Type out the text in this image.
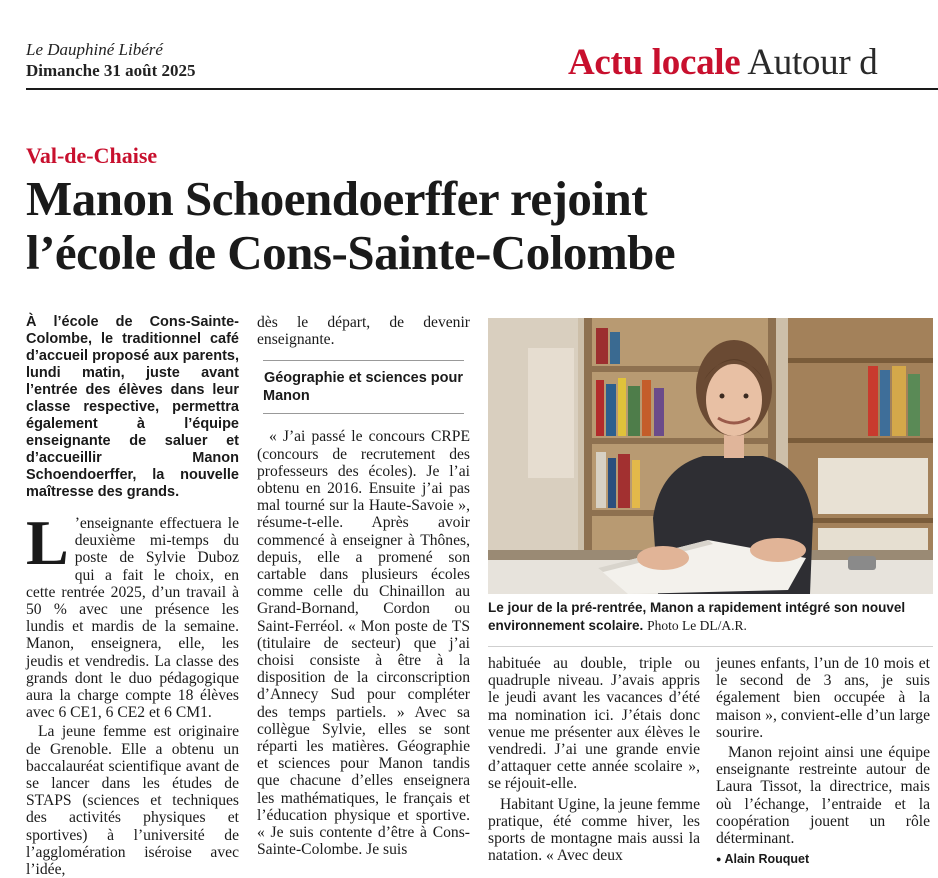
Le Dauphiné Libéré
Dimanche 31 août 2025	Actu locale Autour d
Val-de-Chaise
Manon Schoendoerffer rejoint
l’école de Cons-Sainte-Colombe

À l’école de Cons-Sainte-Colombe, le traditionnel café d’accueil proposé aux parents, lundi matin, juste avant l’entrée des élèves dans leur classe respective, permettra également à l’équipe enseignante de saluer et d’accueillir Manon Schoendoerffer, la nouvelle maîtresse des grands.

L ’enseignante effectuera le deuxième mi-temps du poste de Sylvie Duboz qui a fait le choix, en cette rentrée 2025, d’un travail à 50 % avec une présence les lundis et mardis de la semaine. Manon, enseignera, elle, les jeudis et vendredis. La classe des grands dont le duo pédagogique aura la charge compte 18 élèves avec 6 CE1, 6 CE2 et 6 CM1.

La jeune femme est originaire de Grenoble. Elle a obtenu un baccalauréat scientifique avant de se lancer dans les études de STAPS (sciences et techniques des activités physiques et sportives) à l’université de l’agglomération iséroise avec l’idée,

dès le départ, de devenir enseignante.

Géographie et sciences pour Manon

« J’ai passé le concours CRPE (concours de recrutement des professeurs des écoles). Je l’ai obtenu en 2016. Ensuite j’ai pas mal tourné sur la Haute-Savoie », résume-t-elle. Après avoir commencé à enseigner à Thônes, depuis, elle a promené son cartable dans plusieurs écoles comme celle du Chinaillon au Grand-Bornand, Cordon ou Saint-Ferréol. « Mon poste de TS (titulaire de secteur) que j’ai choisi consiste à être à la disposition de la circonscription d’Annecy Sud pour compléter des temps partiels. » Avec sa collègue Sylvie, elles se sont réparti les matières. Géographie et sciences pour Manon tandis que chacune d’elles enseignera les mathématiques, le français et l’éducation physique et sportive. « Je suis contente d’être à Cons-Sainte-Colombe. Je suis

Le jour de la pré-rentrée, Manon a rapidement intégré son nouvel environnement scolaire. Photo Le DL/A.R.

habituée au double, triple ou quadruple niveau. J’avais appris le jeudi avant les vacances d’été ma nomination ici. J’étais donc venue me présenter aux élèves le vendredi. J’ai une grande envie d’attaquer cette année scolaire », se réjouit-elle.

Habitant Ugine, la jeune femme pratique, été comme hiver, les sports de montagne mais aussi la natation. « Avec deux

jeunes enfants, l’un de 10 mois et le second de 3 ans, je suis également bien occupée à la maison », convient-elle d’un large sourire.

Manon rejoint ainsi une équipe enseignante restreinte autour de Laura Tissot, la directrice, mais où l’échange, l’entraide et la coopération jouent un rôle déterminant.

● Alain Rouquet
